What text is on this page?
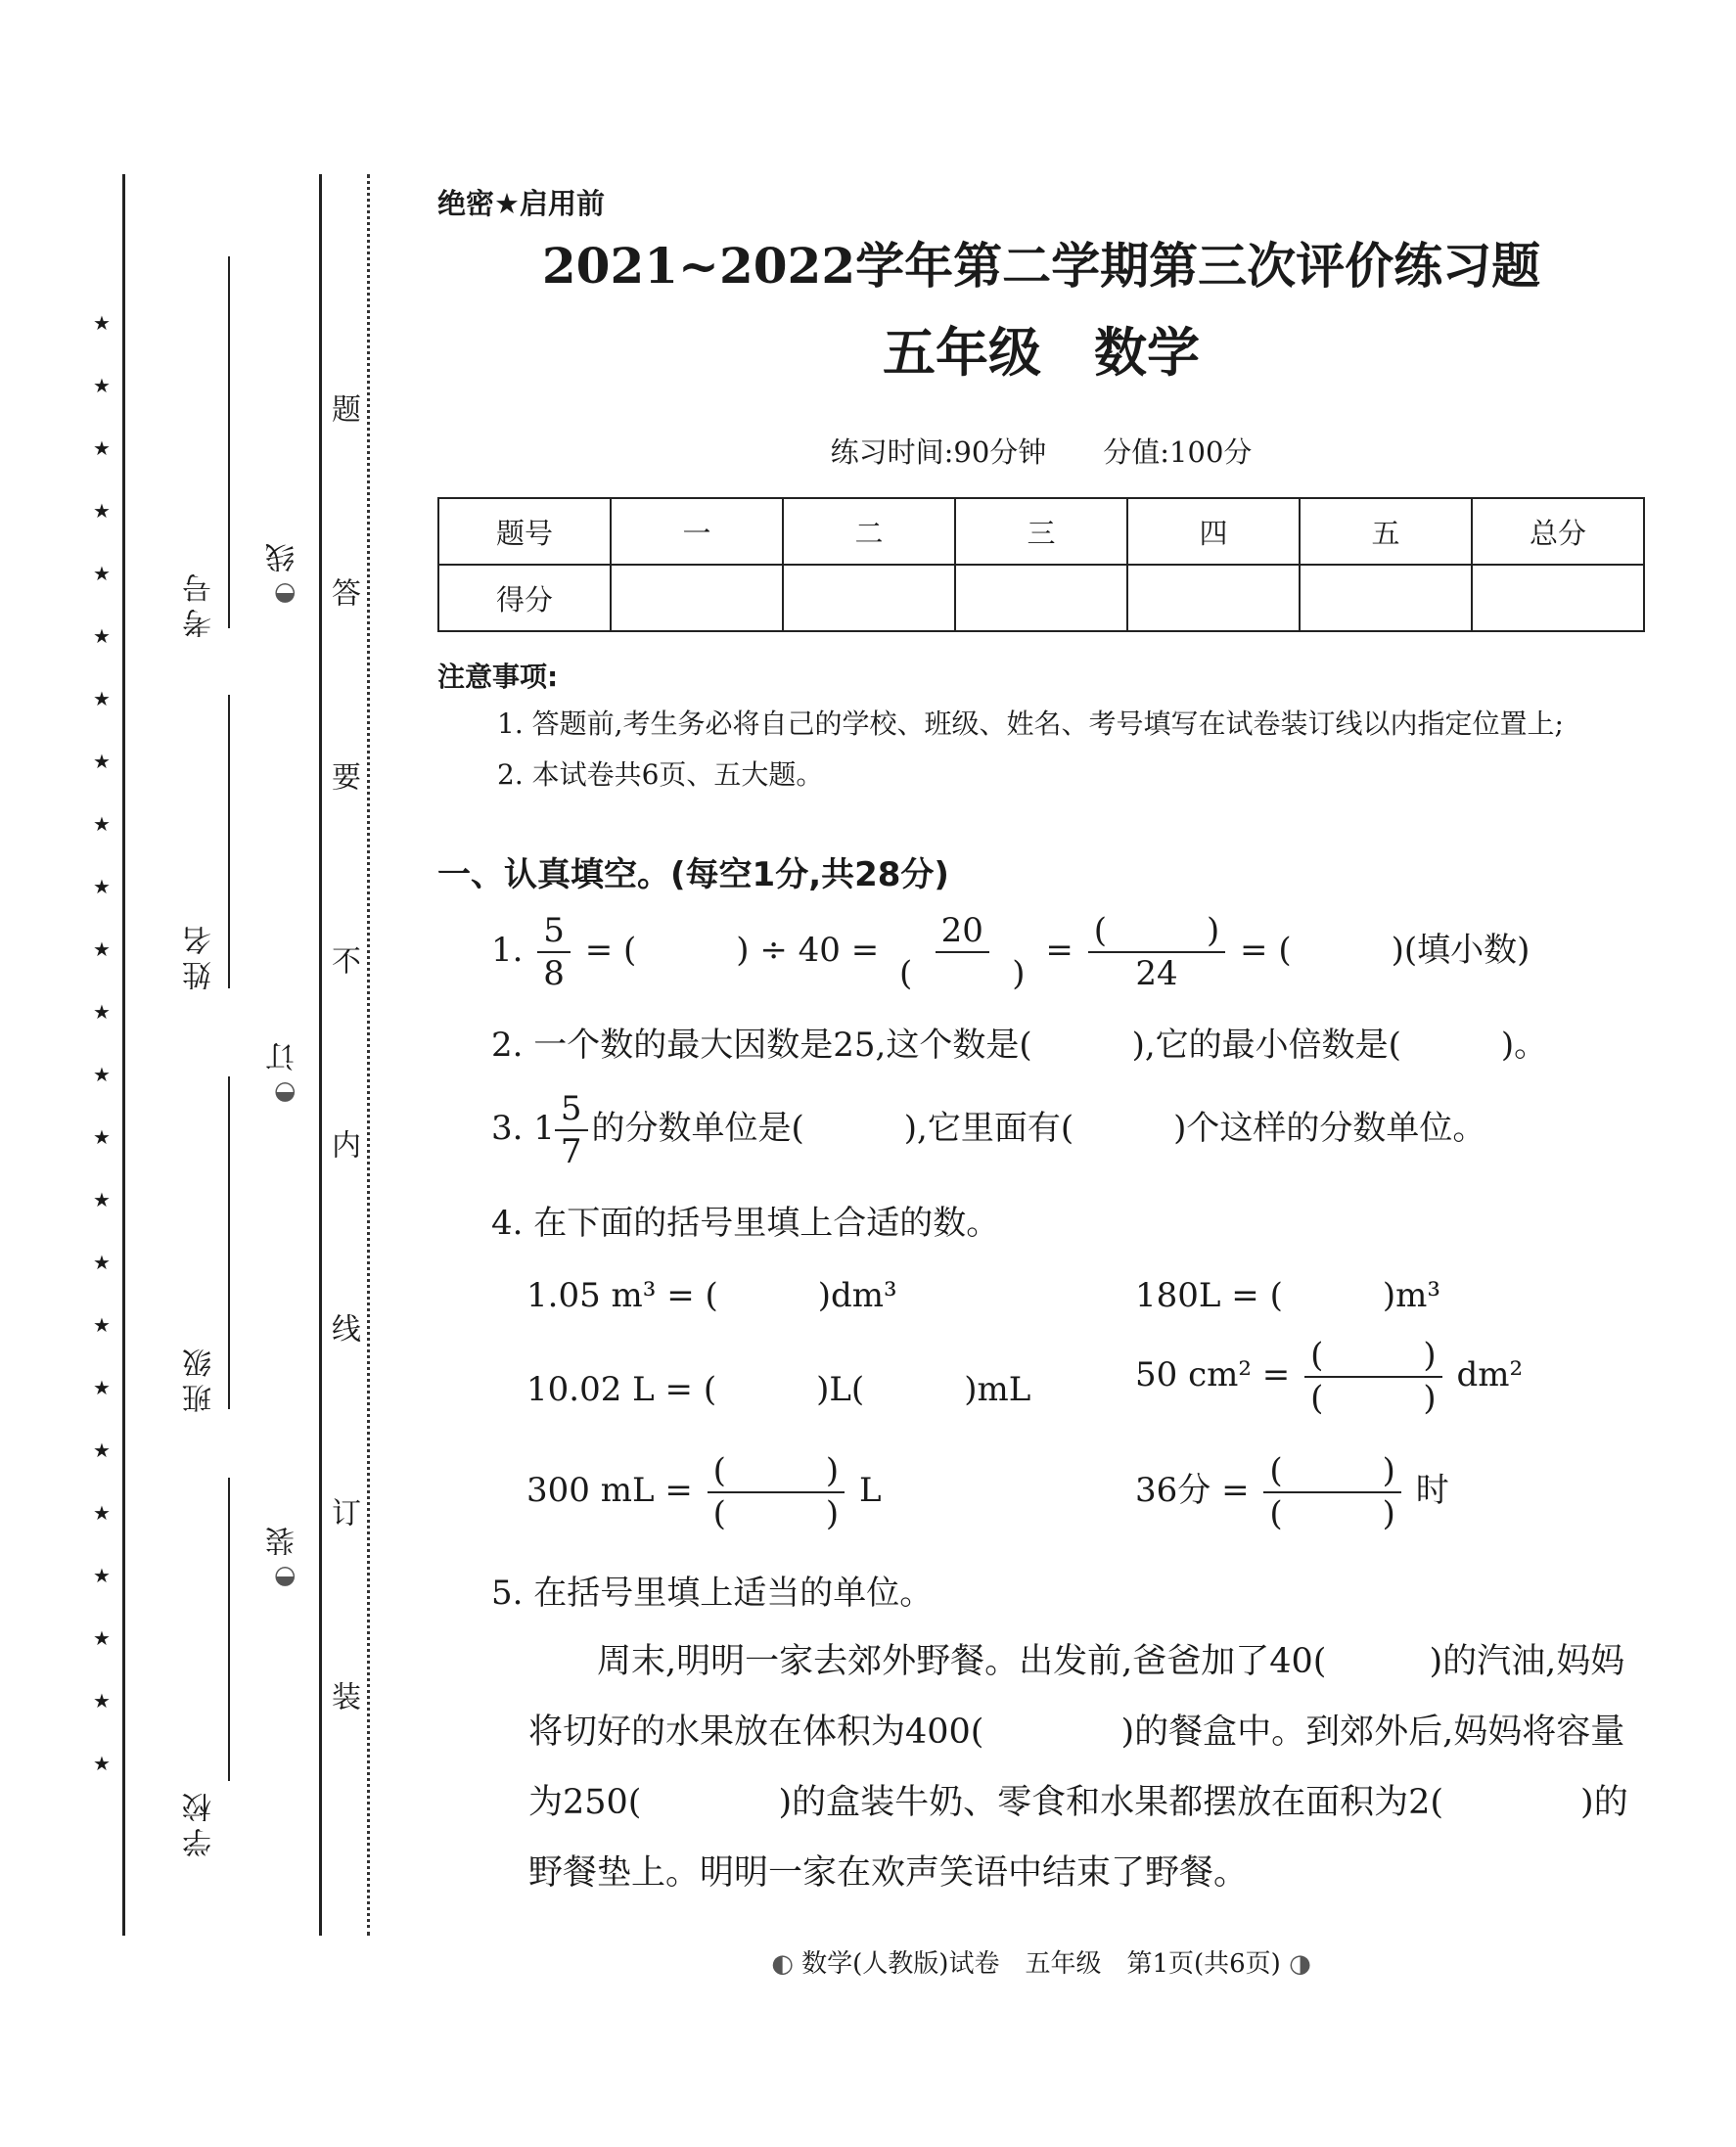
★
★
★
★
★
★
★
★
★
★
★
★
★
★
★
★
★
★
★
★
★
★
★
★
考号
姓名
班级
学校
◐
线
◐
订
◐
装
题
答
要
不
内
线
订
装
绝密★启用前
2021~2022学年第二学期第三次评价练习题
五年级　数学
练习时间:90分钟　　分值:100分
题号	一	二	三	四	五	总分
得分						
注意事项:
1. 答题前,考生务必将自己的学校、班级、姓名、考号填写在试卷装订线以内指定位置上;
2. 本试卷共6页、五大题。
一、认真填空。(每空1分,共28分)
1. $\frac{5}{8}$ = (　　　) ÷ $40 = \frac{20}{( )} = \frac{( )}{24}$ = (　　　)(填小数)
2. 一个数的最大因数是25,这个数是(　　　),它的最小倍数是(　　　)。
3. $1 \frac{5}{7}$ 的分数单位是(　　　),它里面有(　　　)个这样的分数单位。
4. 在下面的括号里填上合适的数。
1.05 m³ = (　　　)dm³	180L = (　　　)m³
10.02 L = (　　　)L(　　　)mL	50 $cm^2 = \frac{( )}{( )} dm^2$
300 mL = $\frac{( )}{( )}$ L	36分 = $\frac{( )}{( )}$ 时
5. 在括号里填上适当的单位。
　　周末,明明一家去郊外野餐。出发前,爸爸加了40(　　　)的汽油,妈妈将切好的水果放在体积为400(　　　　)的餐盒中。到郊外后,妈妈将容量为250(　　　　)的盒装牛奶、零食和水果都摆放在面积为2(　　　　)的野餐垫上。明明一家在欢声笑语中结束了野餐。
◐ 数学(人教版)试卷　五年级　第1页(共6页) ◑
